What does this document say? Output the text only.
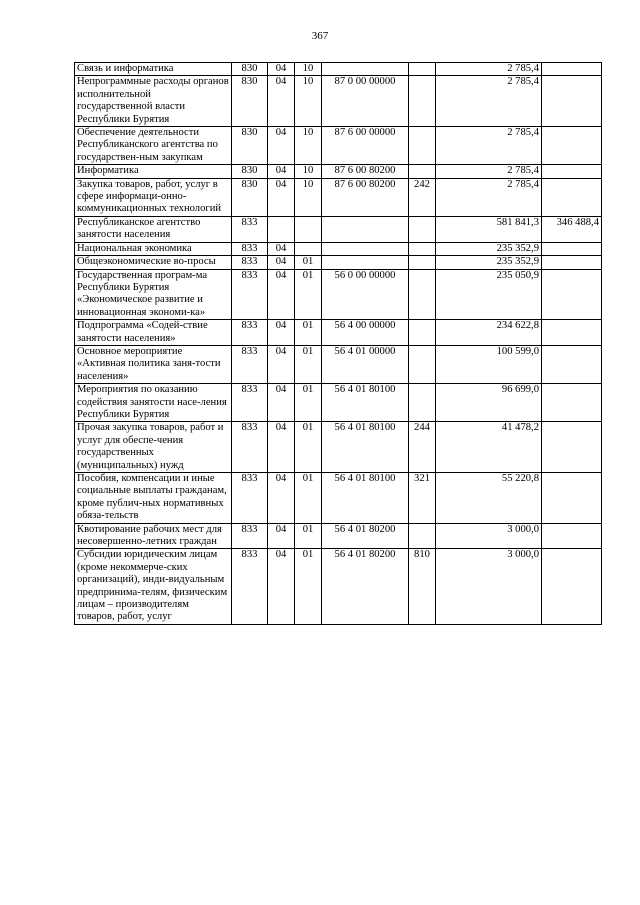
367
Связь и информатика	830	04	10			2 785,4	
Непрограммные расходы органов исполнительной государственной власти Республики Бурятия	830	04	10	87 0 00 00000		2 785,4	
Обеспечение деятельности Республиканского агентства по государствен-ным закупкам	830	04	10	87 6 00 00000		2 785,4	
Информатика	830	04	10	87 6 00 80200		2 785,4	
Закупка товаров, работ, услуг в сфере информаци-онно-коммуникационных технологий	830	04	10	87 6 00 80200	242	2 785,4	
Республиканское агентство занятости населения	833					581 841,3	346 488,4
Национальная экономика	833	04				235 352,9	
Общеэкономические во-просы	833	04	01			235 352,9	
Государственная програм-ма Республики Бурятия «Экономическое развитие и инновационная экономи-ка»	833	04	01	56 0 00 00000		235 050,9	
Подпрограмма «Содей-ствие занятости населения»	833	04	01	56 4 00 00000		234 622,8	
Основное мероприятие «Активная политика заня-тости населения»	833	04	01	56 4 01 00000		100 599,0	
Мероприятия по оказанию содействия занятости насе-ления Республики Бурятия	833	04	01	56 4 01 80100		96 699,0	
Прочая закупка товаров, работ и услуг для обеспе-чения государственных (муниципальных) нужд	833	04	01	56 4 01 80100	244	41 478,2	
Пособия, компенсации и иные социальные выплаты гражданам, кроме публич-ных нормативных обяза-тельств	833	04	01	56 4 01 80100	321	55 220,8	
Квотирование рабочих мест для несовершенно-летних граждан	833	04	01	56 4 01 80200		3 000,0	
Субсидии юридическим лицам (кроме некоммерче-ских организаций), инди-видуальным предпринима-телям, физическим лицам – производителям товаров, работ, услуг	833	04	01	56 4 01 80200	810	3 000,0	
